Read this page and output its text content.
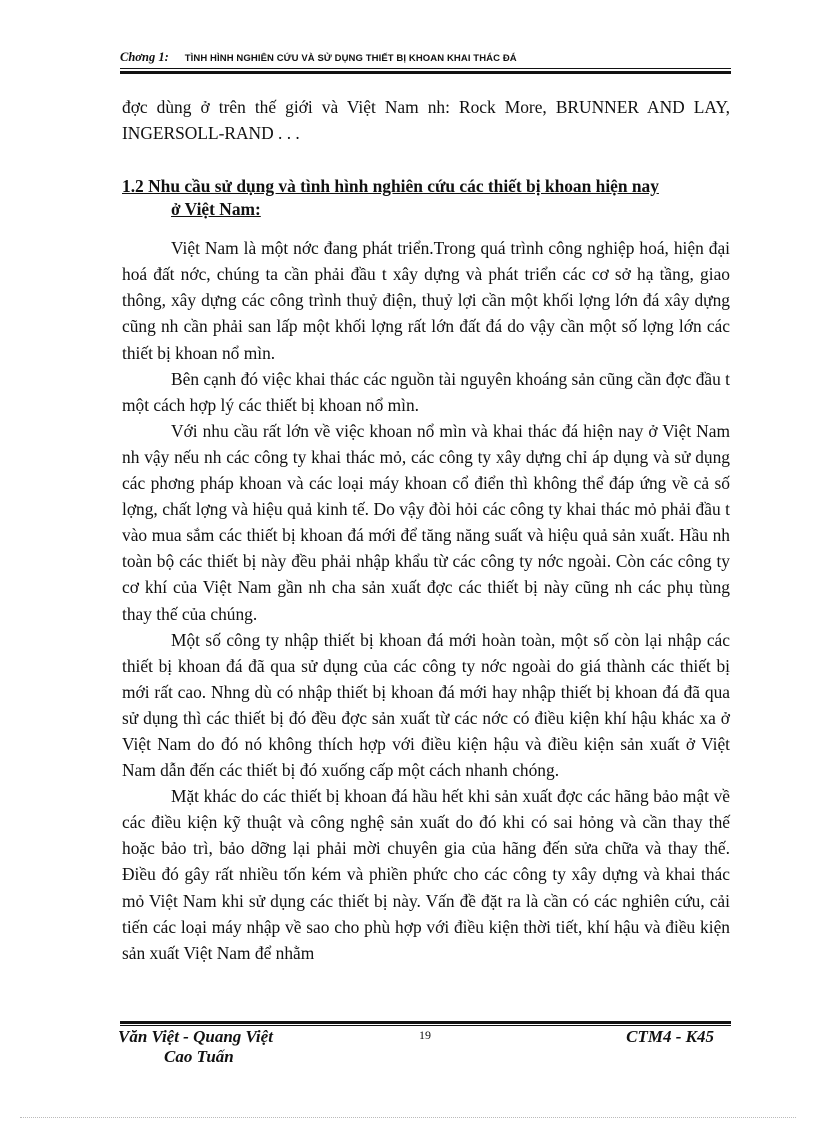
Chơng 1: TÌNH HÌNH NGHIÊN CỨU VÀ SỬ DỤNG THIẾT BỊ KHOAN KHAI THÁC ĐÁ

đợc dùng ở trên thế giới và Việt Nam nh: Rock More, BRUNNER AND LAY, INGERSOLL-RAND . . .

1.2 Nhu cầu sử dụng và tình hình nghiên cứu các thiết bị khoan hiện nay
ở Việt Nam:

Việt Nam là một nớc đang phát triển.Trong quá trình công nghiệp hoá, hiện đại hoá đất nớc, chúng ta cần phải đầu t xây dựng và phát triển các cơ sở hạ tầng, giao thông, xây dựng các công trình thuỷ điện, thuỷ lợi cần một khối lợng lớn đá xây dựng cũng nh cần phải san lấp một khối lợng rất lớn đất đá do vậy cần một số lợng lớn các thiết bị khoan nổ mìn.

Bên cạnh đó việc khai thác các nguồn tài nguyên khoáng sản cũng cần đợc đầu t một cách hợp lý các thiết bị khoan nổ mìn.

Với nhu cầu rất lớn về việc khoan nổ mìn và khai thác đá hiện nay ở Việt Nam nh vậy nếu nh các công ty khai thác mỏ, các công ty xây dựng chỉ áp dụng và sử dụng các phơng pháp khoan và các loại máy khoan cổ điển thì không thể đáp ứng về cả số lợng, chất lợng và hiệu quả kinh tế. Do vậy đòi hỏi các công ty khai thác mỏ phải đầu t vào mua sắm các thiết bị khoan đá mới để tăng năng suất và hiệu quả sản xuất. Hầu nh toàn bộ các thiết bị này đều phải nhập khẩu từ các công ty nớc ngoài. Còn các công ty cơ khí của Việt Nam gần nh cha sản xuất đợc các thiết bị này cũng nh các phụ tùng thay thế của chúng.

Một số công ty nhập thiết bị khoan đá mới hoàn toàn, một số còn lại nhập các thiết bị khoan đá đã qua sử dụng của các công ty nớc ngoài do giá thành các thiết bị mới rất cao. Nhng dù có nhập thiết bị khoan đá mới hay nhập thiết bị khoan đá đã qua sử dụng thì các thiết bị đó đều đợc sản xuất từ các nớc có điều kiện khí hậu khác xa ở Việt Nam do đó nó không thích hợp với điều kiện hậu và điều kiện sản xuất ở Việt Nam dẫn đến các thiết bị đó xuống cấp một cách nhanh chóng.

Mặt khác do các thiết bị khoan đá hầu hết khi sản xuất đợc các hãng bảo mật về các điều kiện kỹ thuật và công nghệ sản xuất do đó khi có sai hỏng và cần thay thế hoặc bảo trì, bảo dỡng lại phải mời chuyên gia của hãng đến sửa chữa và thay thế. Điều đó gây rất nhiều tốn kém và phiền phức cho các công ty xây dựng và khai thác mỏ Việt Nam khi sử dụng các thiết bị này. Vấn đề đặt ra là cần có các nghiên cứu, cải tiến các loại máy nhập về sao cho phù hợp với điều kiện thời tiết, khí hậu và điều kiện sản xuất Việt Nam để nhằm

Văn Việt - Quang Việt
Cao Tuấn
19	CTM4 - K45
